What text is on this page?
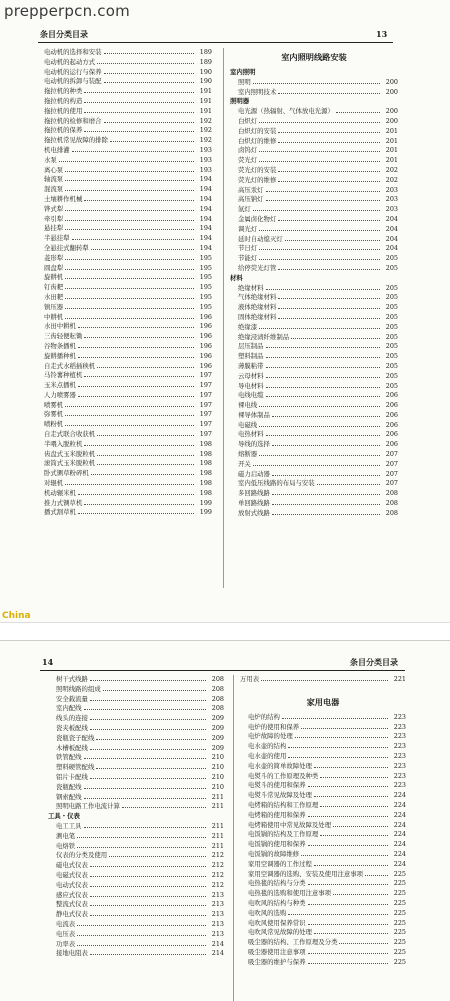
prepperpcn.com
条目分类目录	13
电动机的选择和安装	189
电动机的起动方式	189
电动机的运行与保养	190
电动机的拆卸与装配	190
拖拉机的种类	191
拖拉机的构造	191
拖拉机的使用	191
拖拉机的检修和磨合	192
拖拉机的保养	192
拖拉机常见故障的排除	192
机电排灌	193
水泵	193
离心泵	193
轴流泵	194
混流泵	194
土壤耕作机械	194
铧式犁	194
牵引犁	194
悬挂犁	194
半悬挂犁	194
全悬挂式翻转犁	194
菱形犁	195
圆盘犁	195
旋耕机	195
钉齿耙	195
水田耙	195
镇压器	195
中耕机	196
水田中耕机	196
三齿轻便耘锄	196
谷物条播机	196
旋耕播种机	196
自走式水稻插秧机	196
马铃薯种植机	197
玉米点播机	197
人力喷雾器	197
喷雾机	197
弥雾机	197
喷粉机	197
自走式联合收获机	197
半喂入脱粒机	198
齿盘式玉米脱粒机	198
滚筒式玉米脱粒机	198
卧式铡草粉碎机	198
对辊机	198
机动辗米机	198
推力式铡草机	199
播式割草机	199
室内照明线路安装
室内照明
照明	200
室内照明技术	200
照明器
电光源（热辐射、气体放电光源）	200
白炽灯	200
白炽灯的安装	201
白炽灯的维修	201
卤钨灯	201
荧光灯	201
荧光灯的安装	202
荧光灯的维修	202
高压汞灯	203
高压钠灯	203
氙灯	203
金属卤化物灯	204
调光灯	204
延时自动熄灭灯	204
节日灯	204
节能灯	205
给停荧光灯管	205
材料
绝缘材料	205
气体绝缘材料	205
液体绝缘材料	205
固体绝缘材料	205
绝缘漆	205
绝缘浸渍纤维制品	205
层压制品	205
塑料制品	205
薄膜粘带	205
云母材料	205
导电材料	205
电线电缆	206
裸电线	206
裸导体制品	206
电磁线	206
电热材料	206
导线的选择	206
熔断器	207
开关	207
磁力启动器	207
室内低压线路的布局与安装	207
多回路线路	208
单回路线路	208
放射式线路	208
China
14	条目分类目录
树干式线路	208
照明线路的组成	208
安全载流量	208
室内配线	208
线头的连接	209
瓷夹板配线	209
瓷瓶瓷子配线	209
木槽板配线	209
铁管配线	210
塑料硬管配线	210
铝片卡配线	210
瓷瓶配线	210
钢索配线	211
照明电路工作电流计算	211
工具・仪表
电工工具	211
测电笔	211
电烙铁	211
仪表的分类及使用	212
磁电式仪表	212
电磁式仪表	212
电动式仪表	212
感应式仪表	213
整流式仪表	213
静电式仪表	213
电流表	213
电压表	213
功率表	214
接地电阻表	214
万用表	221
家用电器
电炉的结构	223
电炉的使用和保养	223
电炉故障的处理	223
电水壶的结构	223
电水壶的使用	223
电水壶的简单故障处理	223
电熨斗的工作原理及种类	223
电熨斗的使用和保养	223
电熨斗常见故障及处理	224
电烤箱的结构和工作原理	224
电烤箱的使用和保养	224
电烤箱使用中常见故障及处理	224
电饭锅的结构及工作原理	224
电饭锅的使用和保养	224
电饭锅的故障维修	224
家用空调器的工作过程	224
家用空调器的选购、安装及使用注意事项	225
电热毯的结构与分类	225
电热毯的选购和使用注意事项	225
电吹风的结构与种类	225
电吹风的选购	225
电吹风使用保养常识	225
电吹风常见故障的处理	225
吸尘器的结构、工作原理及分类	225
吸尘器使用注意事项	225
吸尘器的维护与保养	225
